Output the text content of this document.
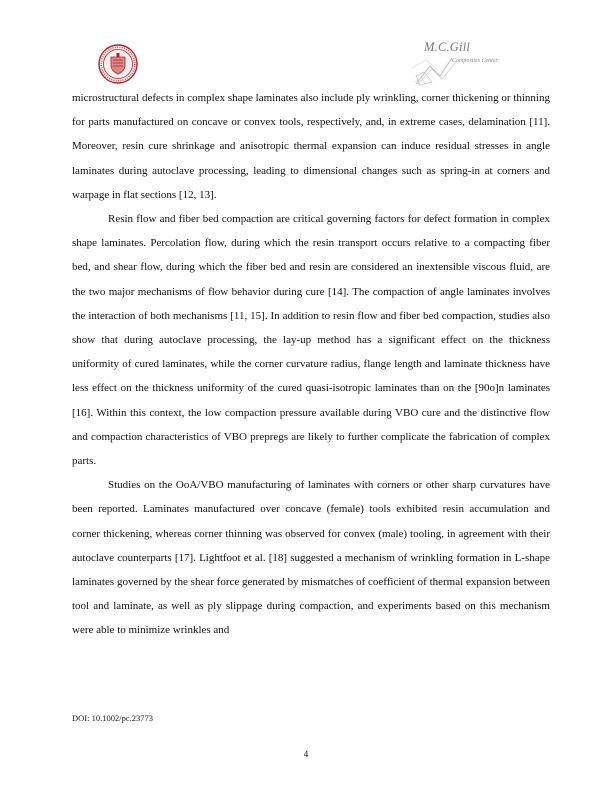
M.C.Gill
Composites Center

microstructural defects in complex shape laminates also include ply wrinkling, corner thickening or thinning for parts manufactured on concave or convex tools, respectively, and, in extreme cases, delamination [11]. Moreover, resin cure shrinkage and anisotropic thermal expansion can induce residual stresses in angle laminates during autoclave processing, leading to dimensional changes such as spring-in at corners and warpage in flat sections [12, 13].

Resin flow and fiber bed compaction are critical governing factors for defect formation in complex shape laminates. Percolation flow, during which the resin transport occurs relative to a compacting fiber bed, and shear flow, during which the fiber bed and resin are considered an inextensible viscous fluid, are the two major mechanisms of flow behavior during cure [14]. The compaction of angle laminates involves the interaction of both mechanisms [11, 15]. In addition to resin flow and fiber bed compaction, studies also show that during autoclave processing, the lay-up method has a significant effect on the thickness uniformity of cured laminates, while the corner curvature radius, flange length and laminate thickness have less effect on the thickness uniformity of the cured quasi-isotropic laminates than on the [90o]n laminates [16]. Within this context, the low compaction pressure available during VBO cure and the distinctive flow and compaction characteristics of VBO prepregs are likely to further complicate the fabrication of complex parts.

Studies on the OoA/VBO manufacturing of laminates with corners or other sharp curvatures have been reported. Laminates manufactured over concave (female) tools exhibited resin accumulation and corner thickening, whereas corner thinning was observed for convex (male) tooling, in agreement with their autoclave counterparts [17]. Lightfoot et al. [18] suggested a mechanism of wrinkling formation in L-shape laminates governed by the shear force generated by mismatches of coefficient of thermal expansion between tool and laminate, as well as ply slippage during compaction, and experiments based on this mechanism were able to minimize wrinkles and

DOI: 10.1002/pc.23773
4
